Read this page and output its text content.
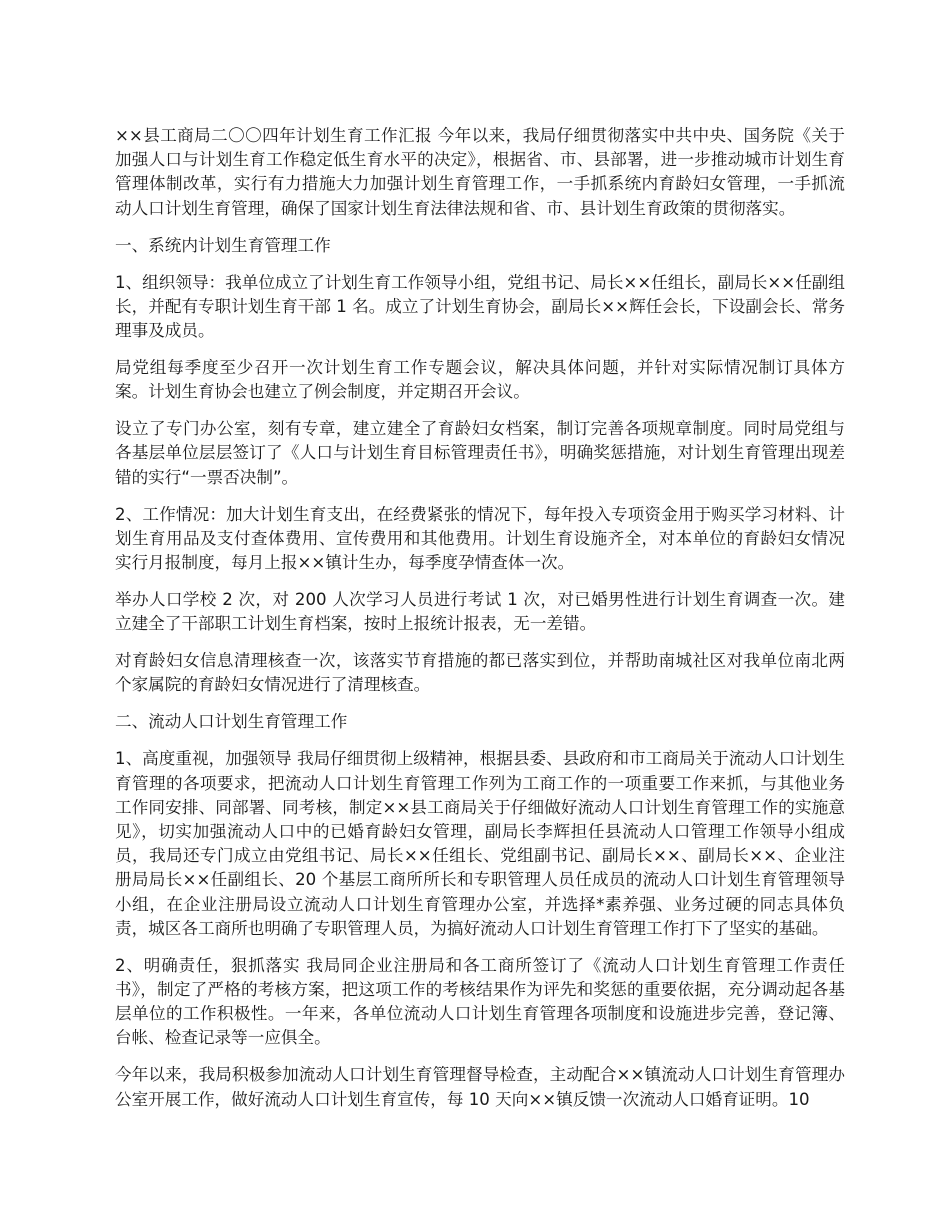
××县工商局二〇〇四年计划生育工作汇报 今年以来，我局仔细贯彻落实中共中央、国务院《关于加强人口与计划生育工作稳定低生育水平的决定》，根据省、市、县部署，进一步推动城市计划生育管理体制改革，实行有力措施大力加强计划生育管理工作，一手抓系统内育龄妇女管理，一手抓流动人口计划生育管理，确保了国家计划生育法律法规和省、市、县计划生育政策的贯彻落实。

一、系统内计划生育管理工作

1、组织领导：我单位成立了计划生育工作领导小组，党组书记、局长××任组长，副局长××任副组长，并配有专职计划生育干部 1 名。成立了计划生育协会，副局长××辉任会长，下设副会长、常务理事及成员。

局党组每季度至少召开一次计划生育工作专题会议，解决具体问题，并针对实际情况制订具体方案。计划生育协会也建立了例会制度，并定期召开会议。

设立了专门办公室，刻有专章，建立建全了育龄妇女档案，制订完善各项规章制度。同时局党组与各基层单位层层签订了《人口与计划生育目标管理责任书》，明确奖惩措施，对计划生育管理出现差错的实行“一票否决制”。

2、工作情况：加大计划生育支出，在经费紧张的情况下，每年投入专项资金用于购买学习材料、计划生育用品及支付查体费用、宣传费用和其他费用。计划生育设施齐全，对本单位的育龄妇女情况实行月报制度，每月上报××镇计生办，每季度孕情查体一次。

举办人口学校 2 次，对 200 人次学习人员进行考试 1 次，对已婚男性进行计划生育调查一次。建立建全了干部职工计划生育档案，按时上报统计报表，无一差错。

对育龄妇女信息清理核查一次，该落实节育措施的都已落实到位，并帮助南城社区对我单位南北两个家属院的育龄妇女情况进行了清理核查。

二、流动人口计划生育管理工作

1、高度重视，加强领导 我局仔细贯彻上级精神，根据县委、县政府和市工商局关于流动人口计划生育管理的各项要求，把流动人口计划生育管理工作列为工商工作的一项重要工作来抓，与其他业务工作同安排、同部署、同考核，制定××县工商局关于仔细做好流动人口计划生育管理工作的实施意见》，切实加强流动人口中的已婚育龄妇女管理，副局长李辉担任县流动人口管理工作领导小组成员，我局还专门成立由党组书记、局长××任组长、党组副书记、副局长××、副局长××、企业注册局局长××任副组长、20 个基层工商所所长和专职管理人员任成员的流动人口计划生育管理领导小组，在企业注册局设立流动人口计划生育管理办公室，并选择*素养强、业务过硬的同志具体负责，城区各工商所也明确了专职管理人员，为搞好流动人口计划生育管理工作打下了坚实的基础。

2、明确责任，狠抓落实 我局同企业注册局和各工商所签订了《流动人口计划生育管理工作责任书》，制定了严格的考核方案，把这项工作的考核结果作为评先和奖惩的重要依据，充分调动起各基层单位的工作积极性。一年来，各单位流动人口计划生育管理各项制度和设施进步完善，登记簿、台帐、检查记录等一应俱全。

今年以来，我局积极参加流动人口计划生育管理督导检查，主动配合××镇流动人口计划生育管理办公室开展工作，做好流动人口计划生育宣传，每 10 天向××镇反馈一次流动人口婚育证明。10
